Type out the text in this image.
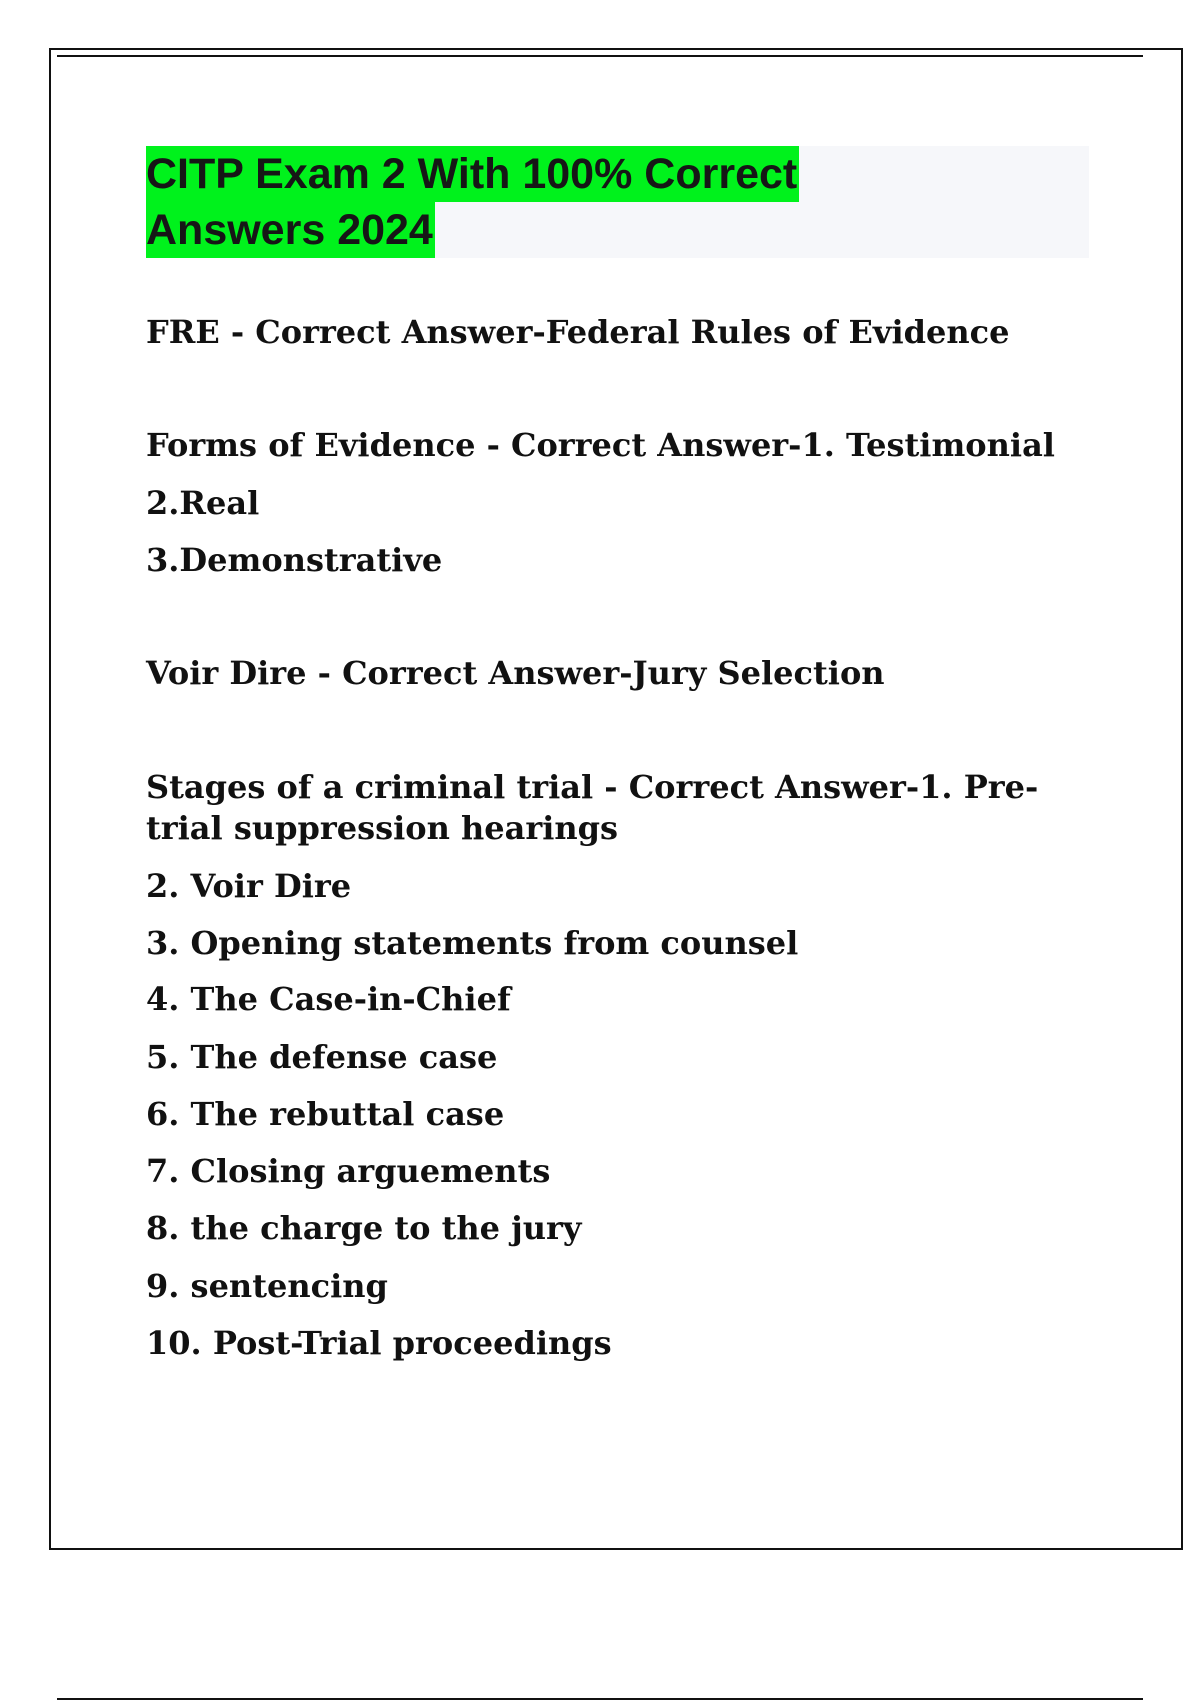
CITP Exam 2 With 100% Correct
Answers 2024
FRE - Correct Answer-Federal Rules of Evidence
Forms of Evidence - Correct Answer-1. Testimonial
2.Real
3.Demonstrative
Voir Dire - Correct Answer-Jury Selection
Stages of a criminal trial - Correct Answer-1. Pre-
trial suppression hearings
2. Voir Dire
3. Opening statements from counsel
4. The Case-in-Chief
5. The defense case
6. The rebuttal case
7. Closing arguements
8. the charge to the jury
9. sentencing
10. Post-Trial proceedings
